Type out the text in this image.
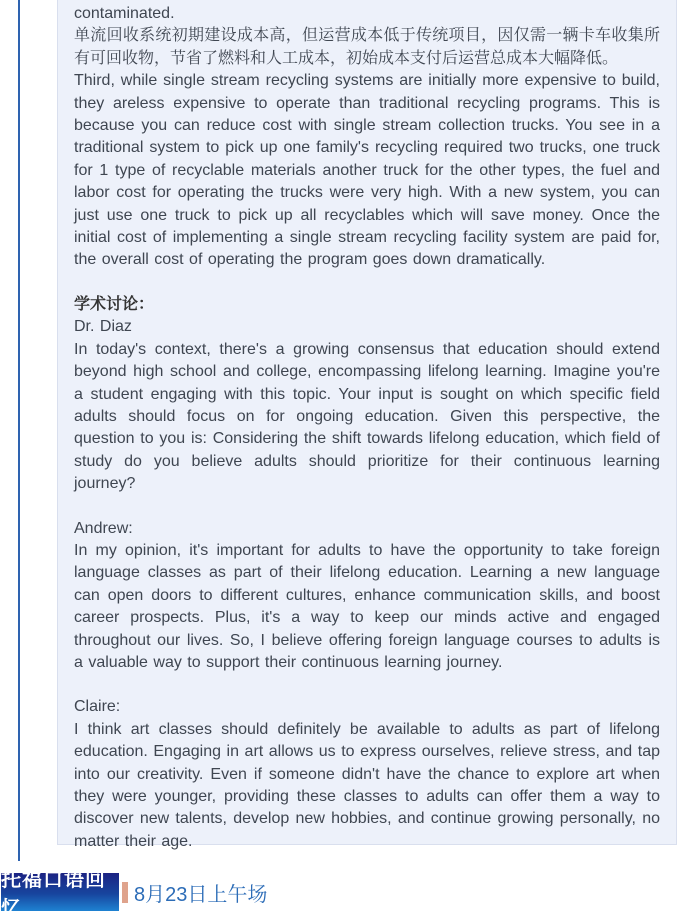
contaminated.

单流回收系统初期建设成本高，但运营成本低于传统项目，因仅需一辆卡车收集所有可回收物，节省了燃料和人工成本，初始成本支付后运营总成本大幅降低。

Third, while single stream recycling systems are initially more expensive to build, they areless expensive to operate than traditional recycling programs. This is because you can reduce cost with single stream collection trucks. You see in a traditional system to pick up one family's recycling required two trucks, one truck for 1 type of recyclable materials another truck for the other types, the fuel and labor cost for operating the trucks were very high. With a new system, you can just use one truck to pick up all recyclables which will save money. Once the initial cost of implementing a single stream recycling facility system are paid for, the overall cost of operating the program goes down dramatically.

学术讨论：

Dr. Diaz

In today's context, there's a growing consensus that education should extend beyond high school and college, encompassing lifelong learning. Imagine you're a student engaging with this topic. Your input is sought on which specific field adults should focus on for ongoing education. Given this perspective, the question to you is: Considering the shift towards lifelong education, which field of study do you believe adults should prioritize for their continuous learning journey?

Andrew:

In my opinion, it's important for adults to have the opportunity to take foreign language classes as part of their lifelong education. Learning a new language can open doors to different cultures, enhance communication skills, and boost career prospects. Plus, it's a way to keep our minds active and engaged throughout our lives. So, I believe offering foreign language courses to adults is a valuable way to support their continuous learning journey.

Claire:

I think art classes should definitely be available to adults as part of lifelong education. Engaging in art allows us to express ourselves, relieve stress, and tap into our creativity. Even if someone didn't have the chance to explore art when they were younger, providing these classes to adults can offer them a way to discover new talents, develop new hobbies, and continue growing personally, no matter their age.

托福口语回忆
8月23日上午场
